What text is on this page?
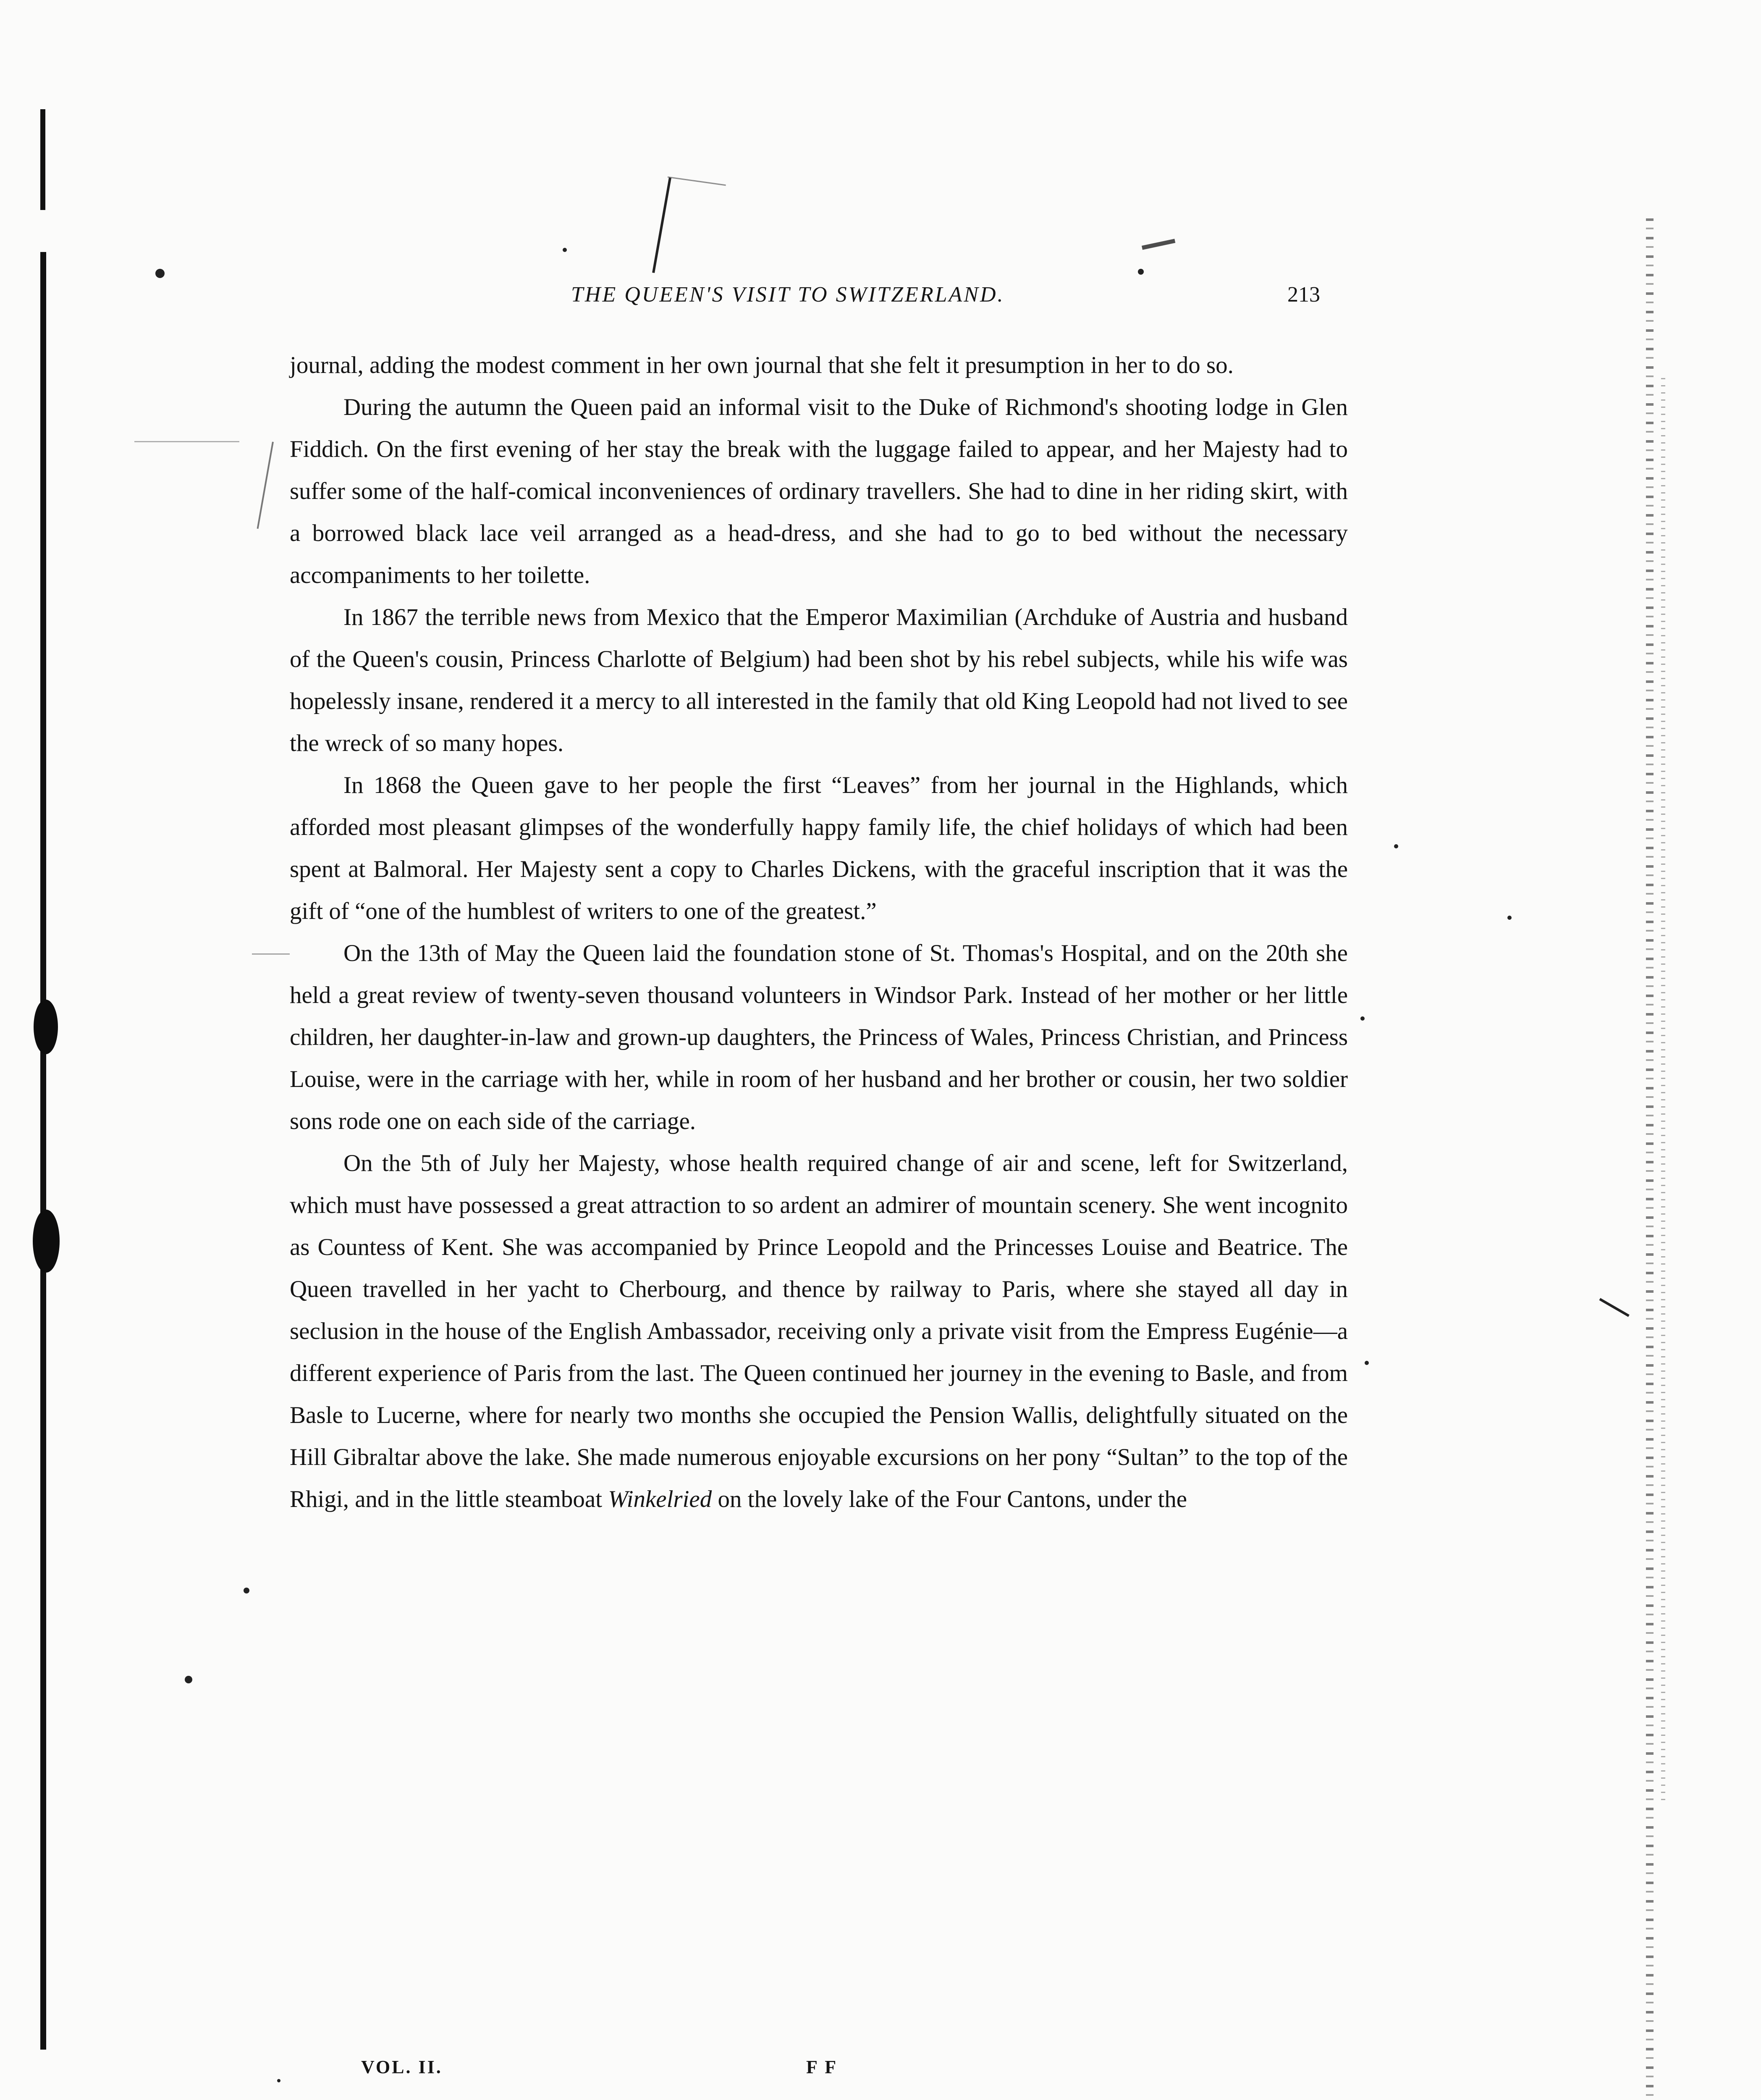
THE QUEEN'S VISIT TO SWITZERLAND.	213

journal, adding the modest comment in her own journal that she felt it presumption in her to do so.

During the autumn the Queen paid an informal visit to the Duke of Richmond's shooting lodge in Glen Fiddich. On the first evening of her stay the break with the luggage failed to appear, and her Majesty had to suffer some of the half-comical inconveniences of ordinary travellers. She had to dine in her riding skirt, with a borrowed black lace veil arranged as a head-dress, and she had to go to bed without the necessary accompaniments to her toilette.

In 1867 the terrible news from Mexico that the Emperor Maximilian (Archduke of Austria and husband of the Queen's cousin, Princess Charlotte of Belgium) had been shot by his rebel subjects, while his wife was hopelessly insane, rendered it a mercy to all interested in the family that old King Leopold had not lived to see the wreck of so many hopes.

In 1868 the Queen gave to her people the first “Leaves” from her journal in the Highlands, which afforded most pleasant glimpses of the wonderfully happy family life, the chief holidays of which had been spent at Balmoral. Her Majesty sent a copy to Charles Dickens, with the graceful inscription that it was the gift of “one of the humblest of writers to one of the greatest.”

On the 13th of May the Queen laid the foundation stone of St. Thomas's Hospital, and on the 20th she held a great review of twenty-seven thousand volunteers in Windsor Park. Instead of her mother or her little children, her daughter-in-law and grown-up daughters, the Princess of Wales, Princess Christian, and Princess Louise, were in the carriage with her, while in room of her husband and her brother or cousin, her two soldier sons rode one on each side of the carriage.

On the 5th of July her Majesty, whose health required change of air and scene, left for Switzerland, which must have possessed a great attraction to so ardent an admirer of mountain scenery. She went incognito as Countess of Kent. She was accompanied by Prince Leopold and the Princesses Louise and Beatrice. The Queen travelled in her yacht to Cherbourg, and thence by railway to Paris, where she stayed all day in seclusion in the house of the English Ambassador, receiving only a private visit from the Empress Eugénie—a different experience of Paris from the last. The Queen continued her journey in the evening to Basle, and from Basle to Lucerne, where for nearly two months she occupied the Pension Wallis, delightfully situated on the Hill Gibraltar above the lake. She made numerous enjoyable excursions on her pony “Sultan” to the top of the Rhigi, and in the little steamboat Winkelried on the lovely lake of the Four Cantons, under the

VOL. II.	F F
